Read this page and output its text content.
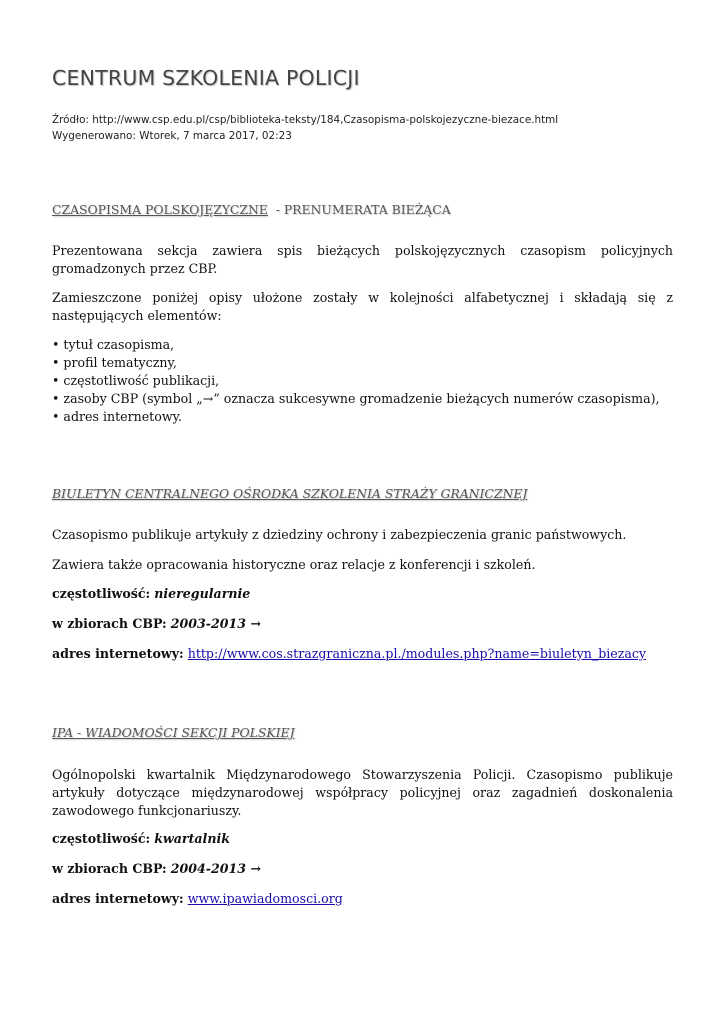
CENTRUM SZKOLENIA POLICJI
Źródło: http://www.csp.edu.pl/csp/biblioteka-teksty/184,Czasopisma-polskojezyczne-biezace.html
Wygenerowano: Wtorek, 7 marca 2017, 02:23
CZASOPISMA POLSKOJĘZYCZNE  - PRENUMERATA BIEŻĄCA

Prezentowana sekcja zawiera spis bieżących polskojęzycznych czasopism policyjnych gromadzonych przez CBP.

Zamieszczone poniżej opisy ułożone zostały w kolejności alfabetycznej i składają się z następujących elementów:

• tytuł czasopisma,
• profil tematyczny,
• częstotliwość publikacji,
• zasoby CBP (symbol „→” oznacza sukcesywne gromadzenie bieżących numerów czasopisma),
• adres internetowy.
BIULETYN CENTRALNEGO OŚRODKA SZKOLENIA STRAŻY GRANICZNEJ

Czasopismo publikuje artykuły z dziedziny ochrony i zabezpieczenia granic państwowych.

Zawiera także opracowania historyczne oraz relacje z konferencji i szkoleń.

częstotliwość: nieregularnie
w zbiorach CBP: 2003-2013 →
adres internetowy: http://www.cos.strazgraniczna.pl./modules.php?name=biuletyn_biezacy
IPA - WIADOMOŚCI SEKCJI POLSKIEJ

Ogólnopolski kwartalnik Międzynarodowego Stowarzyszenia Policji. Czasopismo publikuje artykuły dotyczące międzynarodowej współpracy policyjnej oraz zagadnień doskonalenia zawodowego funkcjonariuszy.

częstotliwość: kwartalnik
w zbiorach CBP: 2004-2013 →
adres internetowy: www.ipawiadomosci.org
